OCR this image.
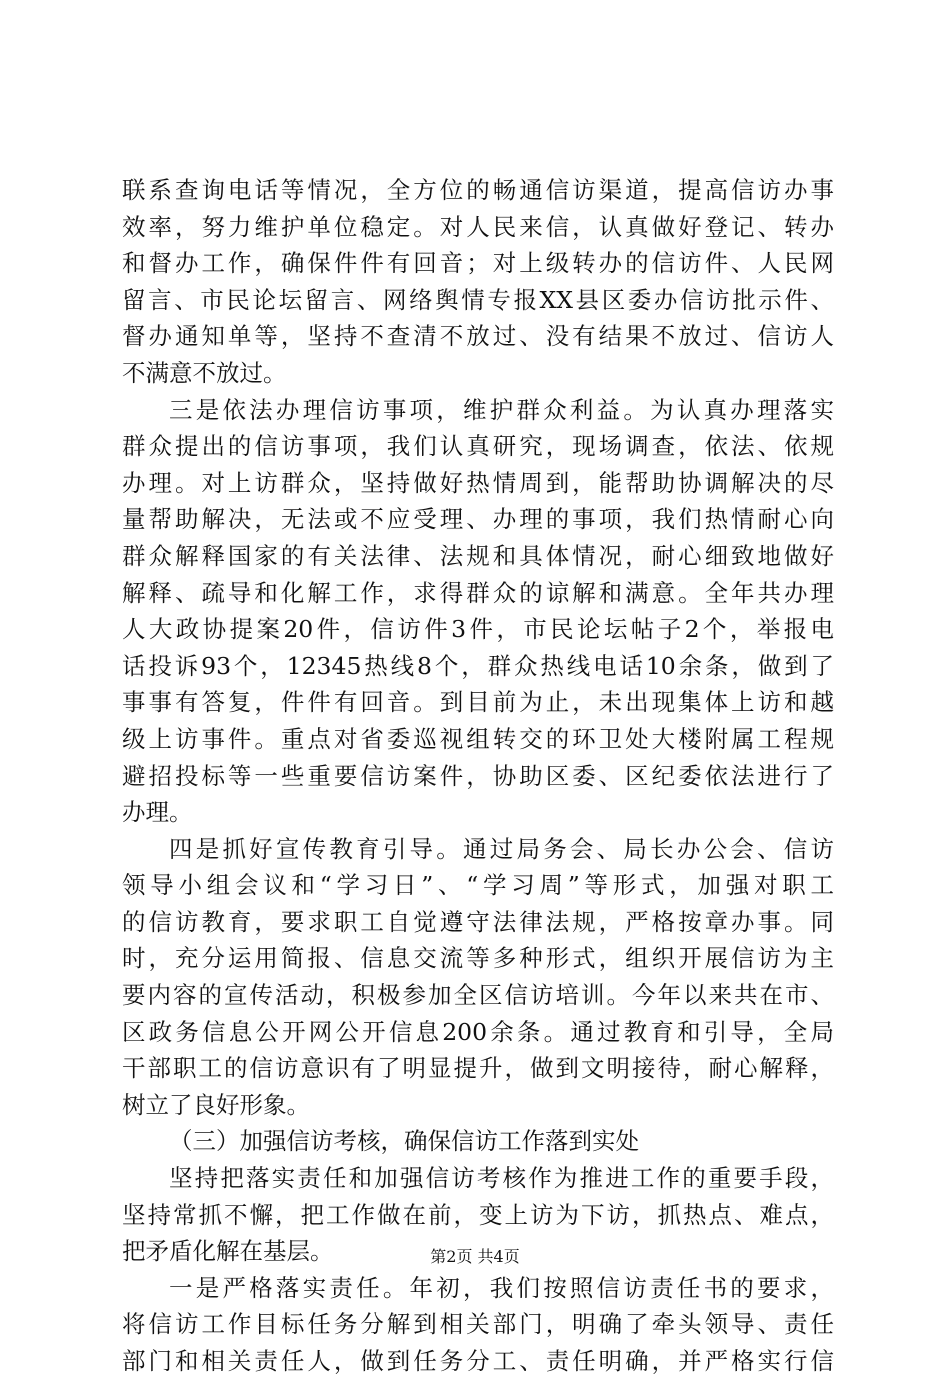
联系查询电话等情况，全方位的畅通信访渠道，提高信访办事
效率，努力维护单位稳定。对人民来信，认真做好登记、转办
和督办工作，确保件件有回音；对上级转办的信访件、人民网
留言、市民论坛留言、网络舆情专报XX县区委办信访批示件、
督办通知单等，坚持不查清不放过、没有结果不放过、信访人
不满意不放过。
三是依法办理信访事项，维护群众利益。为认真办理落实
群众提出的信访事项，我们认真研究，现场调查，依法、依规
办理。对上访群众，坚持做好热情周到，能帮助协调解决的尽
量帮助解决，无法或不应受理、办理的事项，我们热情耐心向
群众解释国家的有关法律、法规和具体情况，耐心细致地做好
解释、疏导和化解工作，求得群众的谅解和满意。全年共办理
人大政协提案20件，信访件3件，市民论坛帖子2个，举报电
话投诉93个，12345热线8个，群众热线电话10余条，做到了
事事有答复，件件有回音。到目前为止，未出现集体上访和越
级上访事件。重点对省委巡视组转交的环卫处大楼附属工程规
避招投标等一些重要信访案件，协助区委、区纪委依法进行了
办理。
四是抓好宣传教育引导。通过局务会、局长办公会、信访
领导小组会议和“学习日”、“学习周”等形式，加强对职工
的信访教育，要求职工自觉遵守法律法规，严格按章办事。同
时，充分运用简报、信息交流等多种形式，组织开展信访为主
要内容的宣传活动，积极参加全区信访培训。今年以来共在市、
区政务信息公开网公开信息200余条。通过教育和引导，全局
干部职工的信访意识有了明显提升，做到文明接待，耐心解释，
树立了良好形象。
（三）加强信访考核，确保信访工作落到实处
坚持把落实责任和加强信访考核作为推进工作的重要手段，
坚持常抓不懈，把工作做在前，变上访为下访，抓热点、难点，
把矛盾化解在基层。
一是严格落实责任。年初，我们按照信访责任书的要求，
将信访工作目标任务分解到相关部门，明确了牵头领导、责任
部门和相关责任人，做到任务分工、责任明确，并严格实行信
第2页 共4页
